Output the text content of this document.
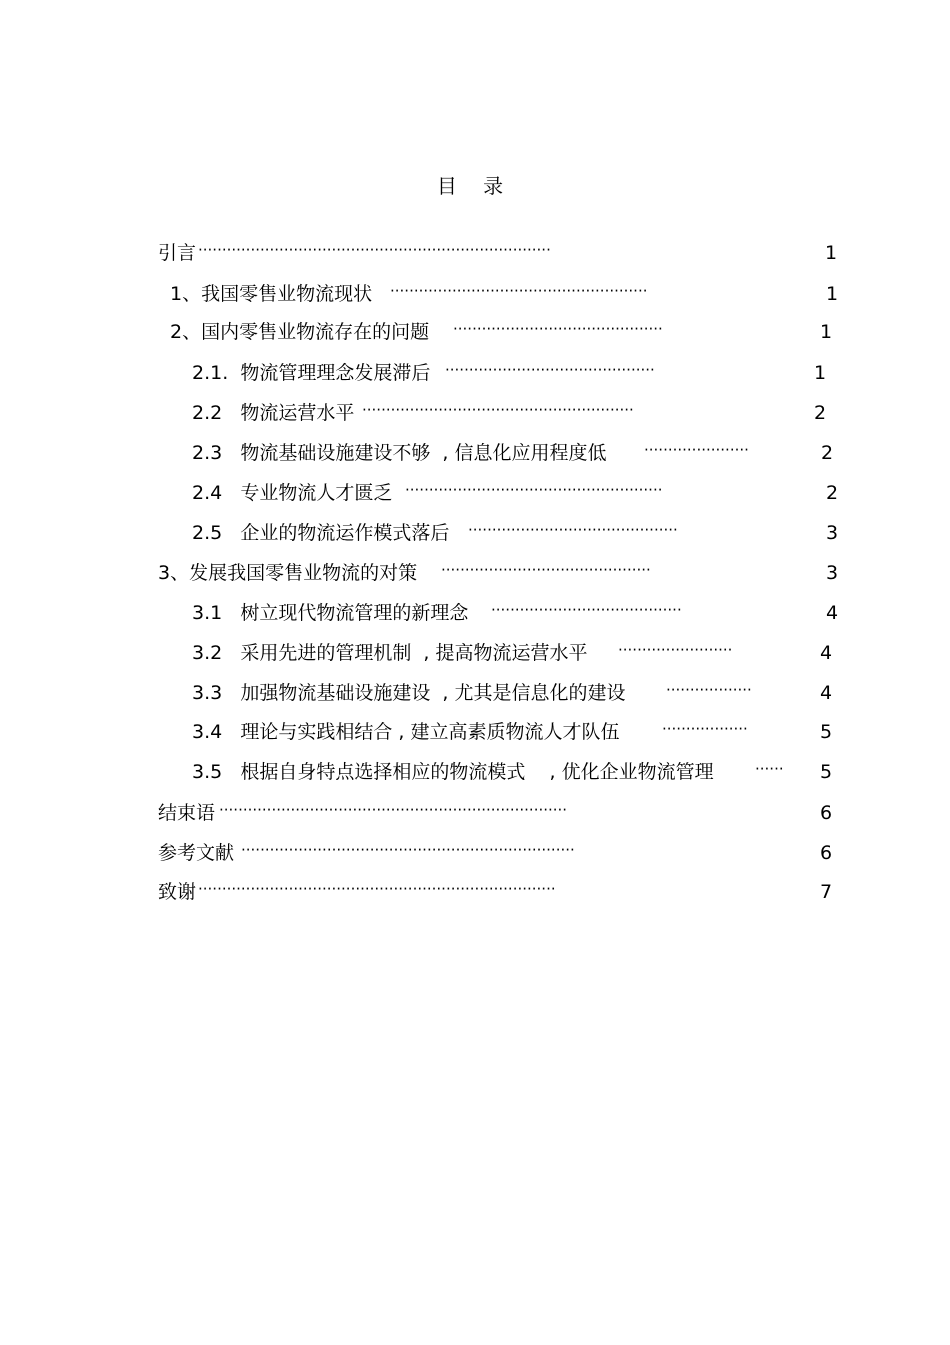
目 录
引言 ··········································································	1
1、我国零售业物流现状 ······················································	1
2、国内零售业物流存在的问题 ············································	1
2.1.  物流管理理念发展滞后 ············································	1
2.2   物流运营水平 ·························································	2
2.3   物流基础设施建设不够  , 信息化应用程度低	······················	2
2.4   专业物流人才匮乏 ······················································	2
2.5   企业的物流运作模式落后 ············································	3
3、发展我国零售业物流的对策 ············································	3
3.1   树立现代物流管理的新理念 ········································	4
3.2   采用先进的管理机制  , 提高物流运营水平 ························	4
3.3   加强物流基础设施建设  , 尤其是信息化的建设	··················	4
3.4   理论与实践相结合 , 建立高素质物流人才队伍	··················	5
3.5   根据自身特点选择相应的物流模式    , 优化企业物流管理	······	5
结束语 ·········································································	6
参考文献 ······································································	6
致谢 ···········································································	7
